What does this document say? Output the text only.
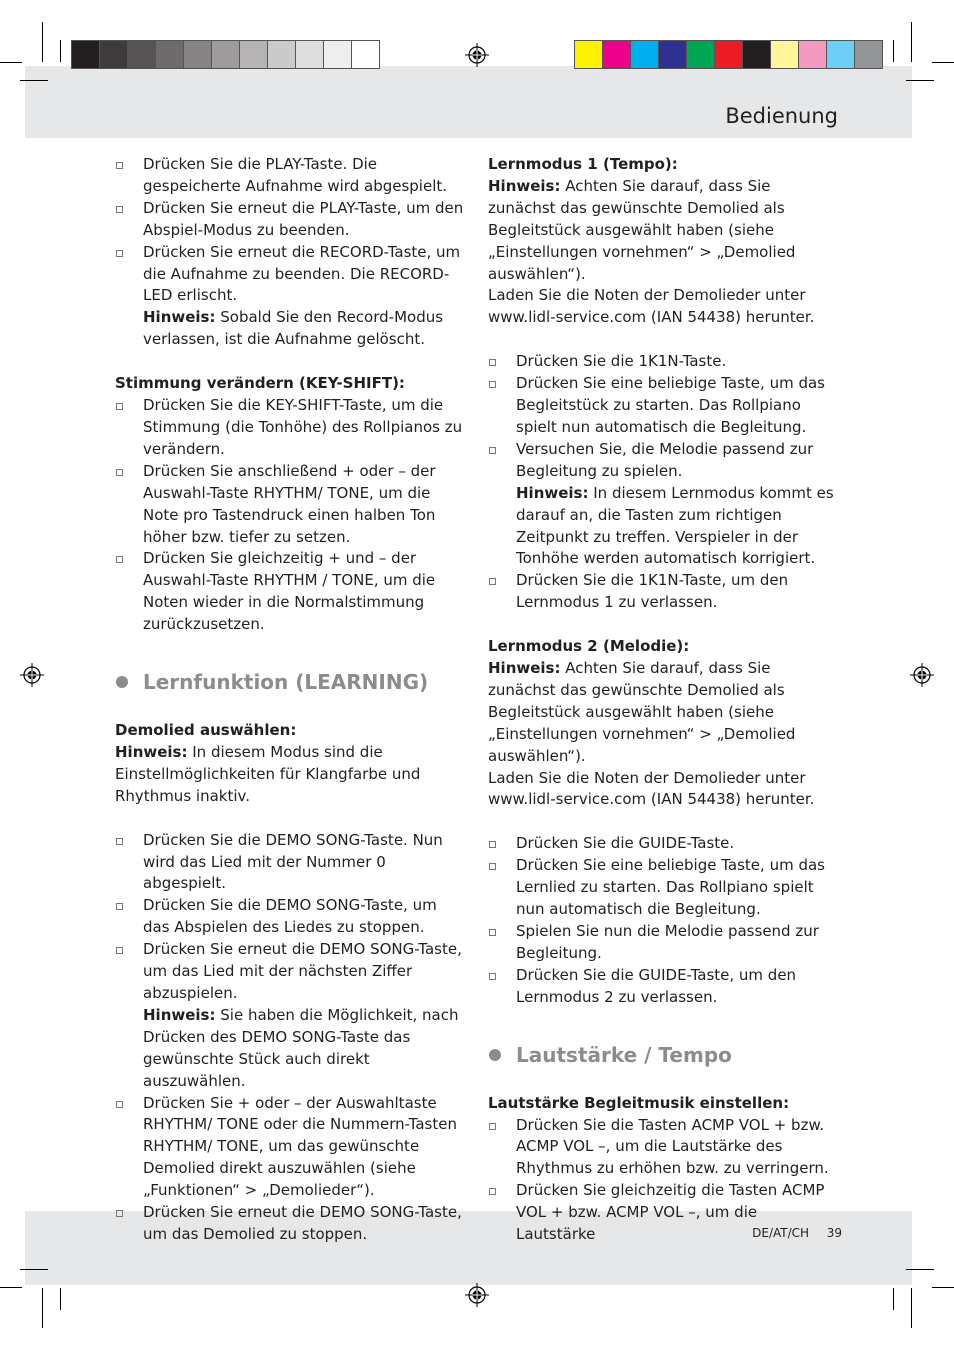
Bedienung
Drücken Sie die PLAY-Taste. Die gespeicherte Aufnahme wird abgespielt.
Drücken Sie erneut die PLAY-Taste, um den Abspiel-Modus zu beenden.
Drücken Sie erneut die RECORD-Taste, um die Aufnahme zu beenden. Die RECORD-LED erlischt.
Hinweis: Sobald Sie den Record-Modus verlassen, ist die Aufnahme gelöscht.
Stimmung verändern (KEY-SHIFT):
Drücken Sie die KEY-SHIFT-Taste, um die Stimmung (die Tonhöhe) des Rollpianos zu verändern.
Drücken Sie anschließend + oder – der Auswahl-Taste RHYTHM/ TONE, um die Note pro Tastendruck einen halben Ton höher bzw. tiefer zu setzen.
Drücken Sie gleichzeitig + und – der Auswahl-Taste RHYTHM / TONE, um die Noten wieder in die Normalstimmung zurückzusetzen.
Lernfunktion (LEARNING)
Demolied auswählen:
Hinweis: In diesem Modus sind die Einstellmöglichkeiten für Klangfarbe und Rhythmus inaktiv.
Drücken Sie die DEMO SONG-Taste. Nun wird das Lied mit der Nummer 0 abgespielt.
Drücken Sie die DEMO SONG-Taste, um das Abspielen des Liedes zu stoppen.
Drücken Sie erneut die DEMO SONG-Taste, um das Lied mit der nächsten Ziffer abzuspielen.
Hinweis: Sie haben die Möglichkeit, nach Drücken des DEMO SONG-Taste das gewünschte Stück auch direkt auszuwählen.
Drücken Sie + oder – der Auswahltaste RHYTHM/ TONE oder die Nummern-Tasten RHYTHM/ TONE, um das gewünschte Demolied direkt auszuwählen (siehe „Funktionen“ > „Demolieder“).
Drücken Sie erneut die DEMO SONG-Taste, um das Demolied zu stoppen.
Lernmodus 1 (Tempo):
Hinweis: Achten Sie darauf, dass Sie zunächst das gewünschte Demolied als Begleitstück ausgewählt haben (siehe „Einstellungen vornehmen“ > „Demolied auswählen“).
Laden Sie die Noten der Demolieder unter www.lidl-service.com (IAN 54438) herunter.
Drücken Sie die 1K1N-Taste.
Drücken Sie eine beliebige Taste, um das Begleitstück zu starten. Das Rollpiano spielt nun automatisch die Begleitung.
Versuchen Sie, die Melodie passend zur Begleitung zu spielen.
Hinweis: In diesem Lernmodus kommt es darauf an, die Tasten zum richtigen Zeitpunkt zu treffen. Verspieler in der Tonhöhe werden automatisch korrigiert.
Drücken Sie die 1K1N-Taste, um den Lernmodus 1 zu verlassen.
Lernmodus 2 (Melodie):
Hinweis: Achten Sie darauf, dass Sie zunächst das gewünschte Demolied als Begleitstück ausgewählt haben (siehe „Einstellungen vornehmen“ > „Demolied auswählen“).
Laden Sie die Noten der Demolieder unter www.lidl-service.com (IAN 54438) herunter.
Drücken Sie die GUIDE-Taste.
Drücken Sie eine beliebige Taste, um das Lernlied zu starten. Das Rollpiano spielt nun automatisch die Begleitung.
Spielen Sie nun die Melodie passend zur Begleitung.
Drücken Sie die GUIDE-Taste, um den Lernmodus 2 zu verlassen.
Lautstärke / Tempo
Lautstärke Begleitmusik einstellen:
Drücken Sie die Tasten ACMP VOL + bzw. ACMP VOL –, um die Lautstärke des Rhythmus zu erhöhen bzw. zu verringern.
Drücken Sie gleichzeitig die Tasten ACMP VOL + bzw. ACMP VOL –, um die Lautstärke	DE/AT/CH 39
